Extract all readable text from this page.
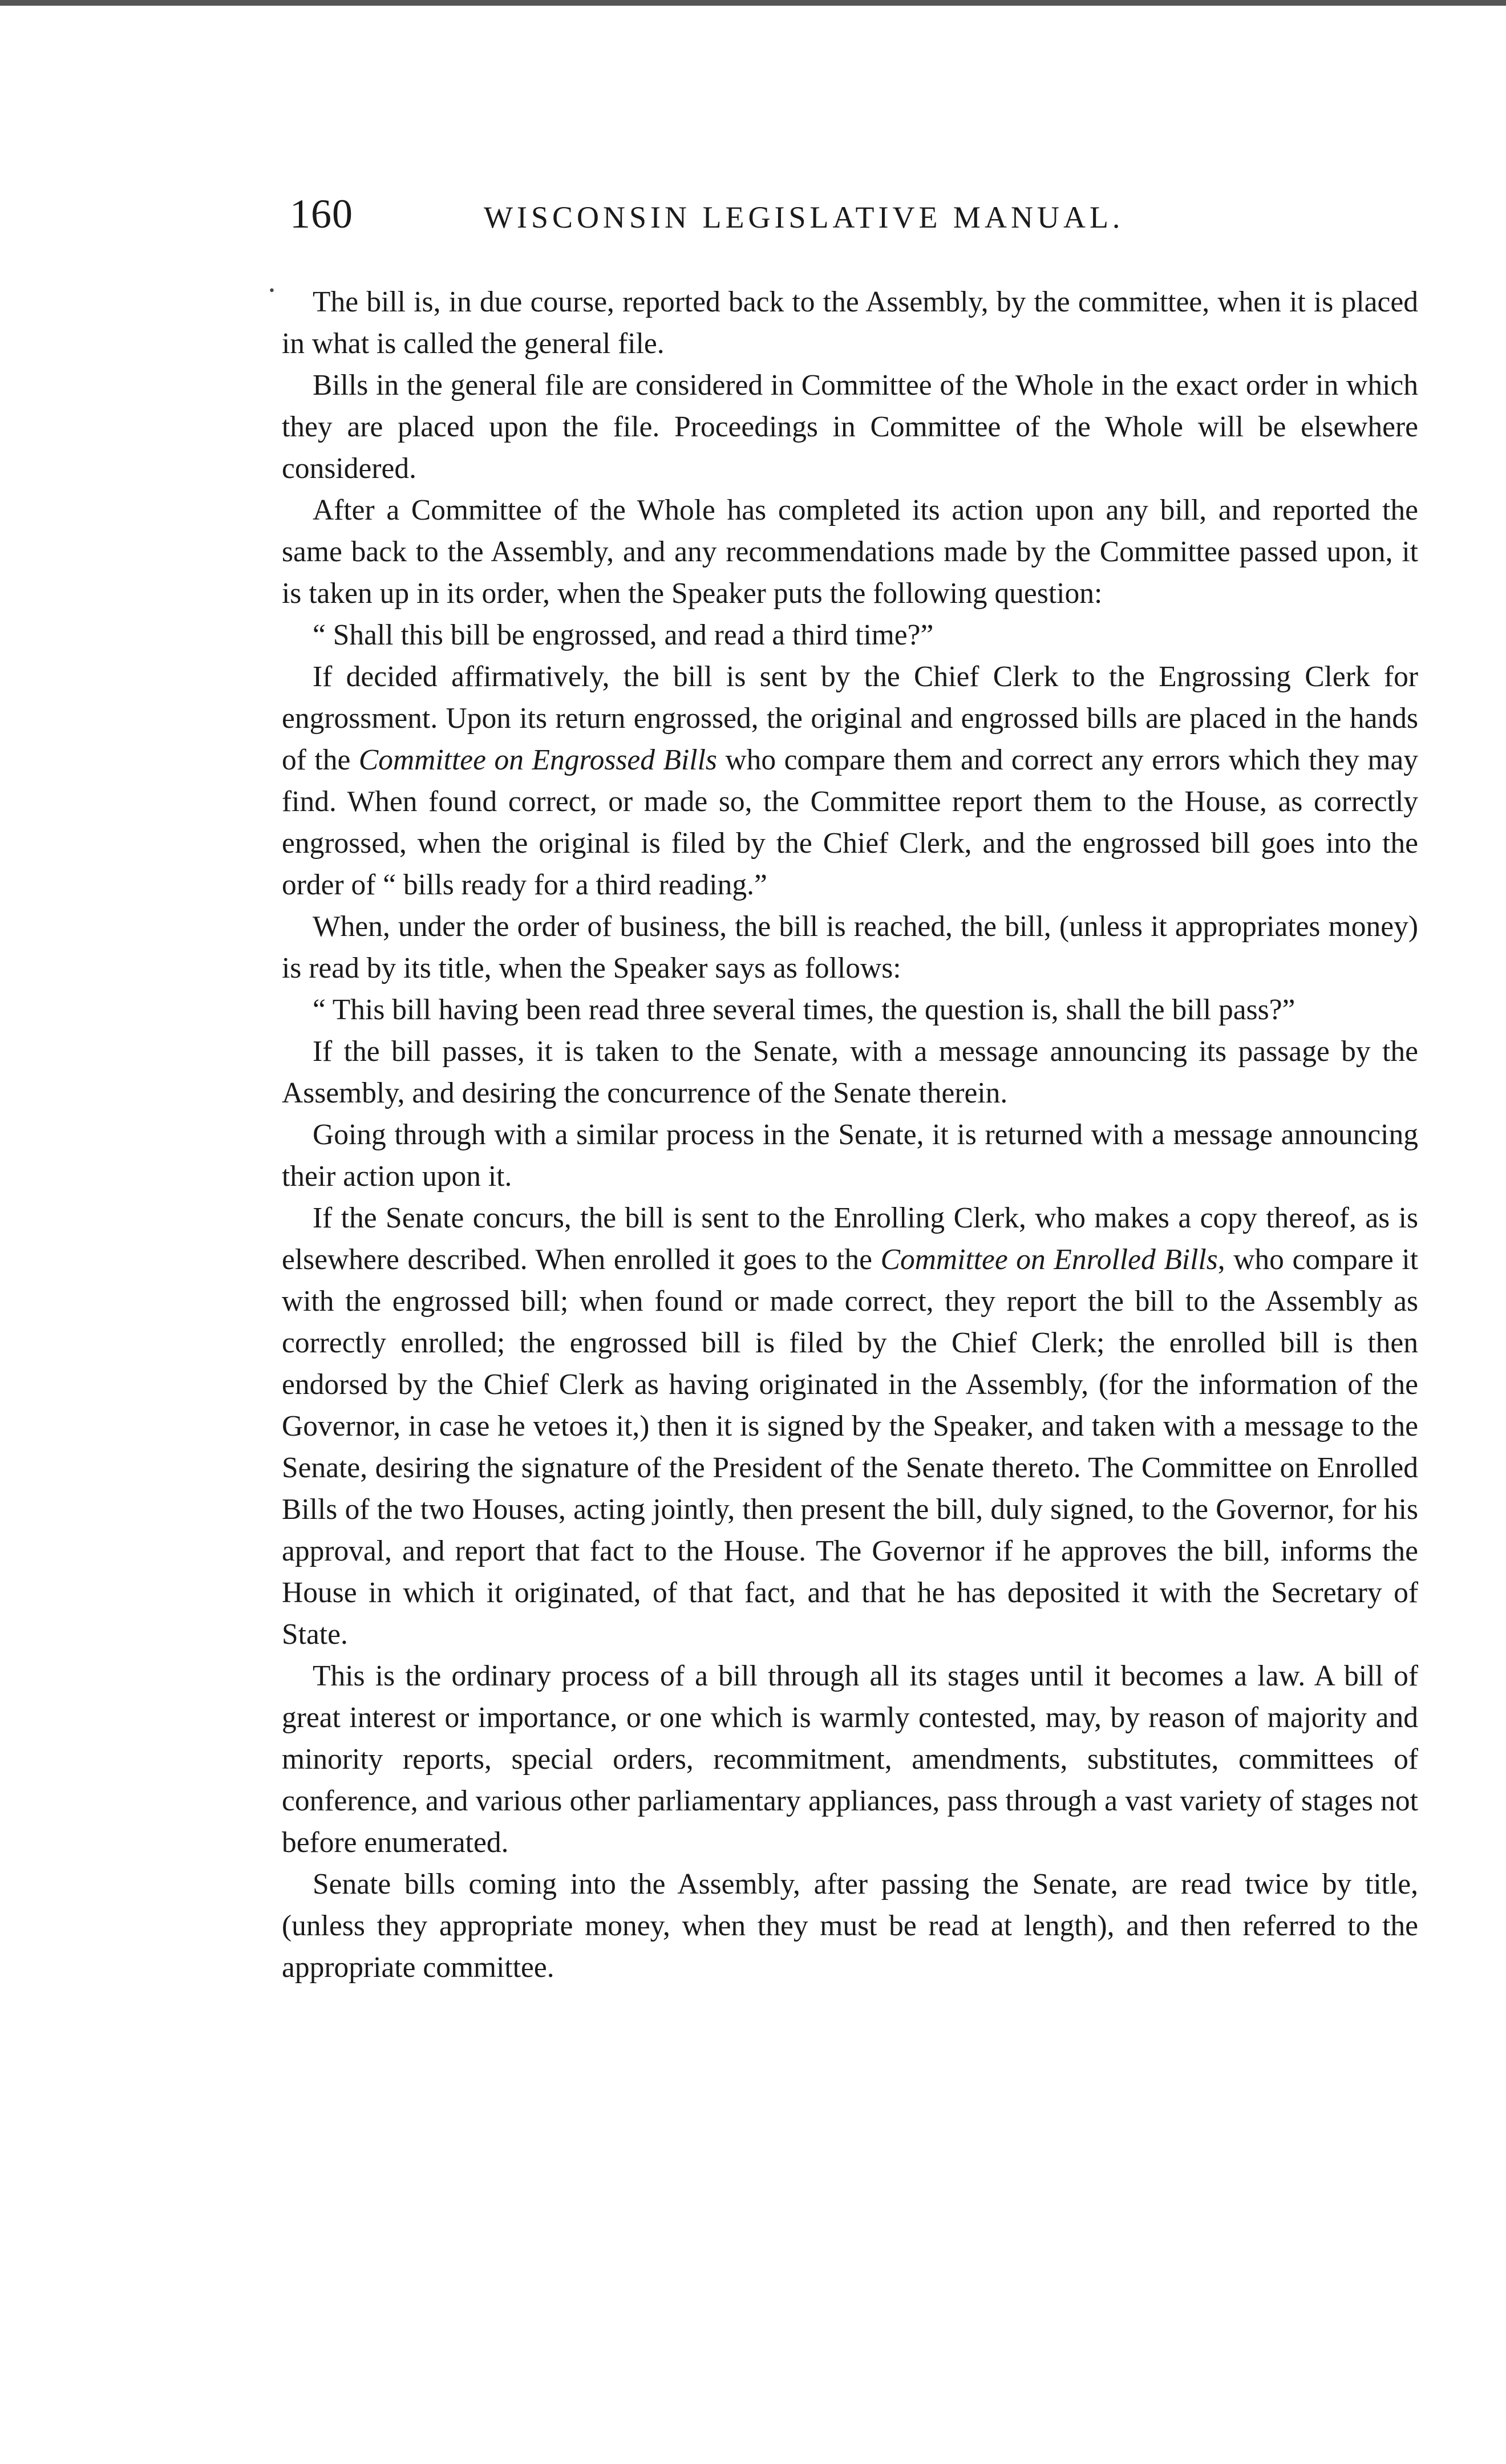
160	WISCONSIN LEGISLATIVE MANUAL.
•	The bill is, in due course, reported back to the Assembly, by the committee, when it is placed in what is called the general file.

Bills in the general file are considered in Committee of the Whole in the exact order in which they are placed upon the file. Proceedings in Committee of the Whole will be elsewhere considered.

After a Committee of the Whole has completed its action upon any bill, and reported the same back to the Assembly, and any recommendations made by the Committee passed upon, it is taken up in its order, when the Speaker puts the following question:

“ Shall this bill be engrossed, and read a third time?”

If decided affirmatively, the bill is sent by the Chief Clerk to the Engrossing Clerk for engrossment. Upon its return engrossed, the original and engrossed bills are placed in the hands of the Committee on Engrossed Bills who compare them and correct any errors which they may find. When found correct, or made so, the Committee report them to the House, as correctly engrossed, when the original is filed by the Chief Clerk, and the engrossed bill goes into the order of “ bills ready for a third reading.”

When, under the order of business, the bill is reached, the bill, (unless it appropriates money) is read by its title, when the Speaker says as follows:

“ This bill having been read three several times, the question is, shall the bill pass?”

If the bill passes, it is taken to the Senate, with a message announcing its passage by the Assembly, and desiring the concurrence of the Senate therein.

Going through with a similar process in the Senate, it is returned with a message announcing their action upon it.

If the Senate concurs, the bill is sent to the Enrolling Clerk, who makes a copy thereof, as is elsewhere described. When enrolled it goes to the Committee on Enrolled Bills, who compare it with the engrossed bill; when found or made correct, they report the bill to the Assembly as correctly enrolled; the engrossed bill is filed by the Chief Clerk; the enrolled bill is then endorsed by the Chief Clerk as having originated in the Assembly, (for the information of the Governor, in case he vetoes it,) then it is signed by the Speaker, and taken with a message to the Senate, desiring the signature of the President of the Senate thereto. The Committee on Enrolled Bills of the two Houses, acting jointly, then present the bill, duly signed, to the Governor, for his approval, and report that fact to the House. The Governor if he approves the bill, informs the House in which it originated, of that fact, and that he has deposited it with the Secretary of State.

This is the ordinary process of a bill through all its stages until it becomes a law. A bill of great interest or importance, or one which is warmly contested, may, by reason of majority and minority reports, special orders, recommitment, amendments, substitutes, committees of conference, and various other parliamentary appliances, pass through a vast variety of stages not before enumerated.

Senate bills coming into the Assembly, after passing the Senate, are read twice by title, (unless they appropriate money, when they must be read at length), and then referred to the appropriate committee.
